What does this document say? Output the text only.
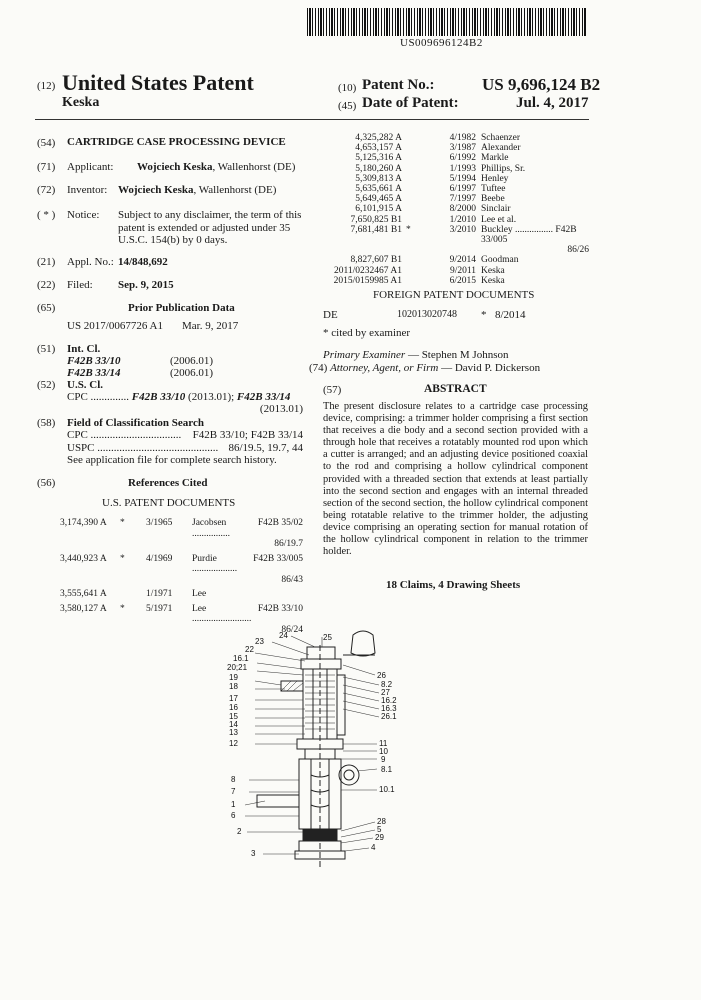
US009696124B2
(12) United States Patent
Keska
(10) Patent No.:	US 9,696,124 B2
(45) Date of Patent:	Jul. 4, 2017
(54) CARTRIDGE CASE PROCESSING DEVICE
(71) Applicant: Wojciech Keska, Wallenhorst (DE)
(72) Inventor: Wojciech Keska, Wallenhorst (DE)
( * ) Notice: Subject to any disclaimer, the term of this
patent is extended or adjusted under 35
U.S.C. 154(b) by 0 days.
(21) Appl. No.: 14/848,692
(22) Filed: Sep. 9, 2015
(65)	Prior Publication Data
US 2017/0067726 A1 Mar. 9, 2017
(51) Int. Cl.
F42B 33/10	(2006.01)
F42B 33/14	(2006.01)
(52) U.S. Cl.
CPC .............. F42B 33/10 (2013.01); F42B 33/14
(2013.01)
(58) Field of Classification Search
CPC ................................. F42B 33/10; F42B 33/14
USPC ............................................ 86/19.5, 19.7, 44
See application file for complete search history.
(56)	References Cited
U.S. PATENT DOCUMENTS
3,174,390 A	*	3/1965	Jacobsen ................
F42B 35/02
86/19.7
3,440,923 A	*	4/1969	Purdie ...................
F42B 33/005
86/43
3,555,641 A	1/1971	Lee
3,580,127 A	*	5/1971	Lee .........................
F42B 33/10
86/24
4,325,282 A	4/1982 Schaenzer
4,653,157 A	3/1987 Alexander
5,125,316 A	6/1992 Markle
5,180,260 A	1/1993 Phillips, Sr.
5,309,813 A	5/1994 Henley
5,635,661 A	6/1997 Tuftee
5,649,465 A	7/1997 Beebe
6,101,915 A	8/2000 Sinclair
7,650,825 B1	1/2010 Lee et al.
7,681,481 B1 *	3/2010 Buckley ................ F42B 33/005
86/26
8,827,607 B1	9/2014 Goodman
2011/0232467 A1	9/2011 Keska
2015/0159985 A1	6/2015 Keska
FOREIGN PATENT DOCUMENTS
DE	102013020748 * 8/2014
* cited by examiner
Primary Examiner — Stephen M Johnson
(74) Attorney, Agent, or Firm — David P. Dickerson
(57)	ABSTRACT
The present disclosure relates to a cartridge case processing device, comprising: a trimmer holder comprising a first section that receives a die body and a second section provided with a through hole that receives a rotatably mounted rod upon which a cutter is arranged; and an adjusting device positioned coaxial to the rod and comprising a hollow cylindrical component provided with a threaded section that extends at least partially into the second section and engages with an internal threaded section of the second section, the hollow cylindrical component being rotatable relative to the trimmer holder, the adjusting device comprising an operating section for manual rotation of the hollow cylindrical component in relation to the trimmer holder.
18 Claims, 4 Drawing Sheets
23
24	25
22
16.1
20;21
19
18
17
16
15
14
13
12
8
7
1
6
2
3
26
8.2
27
16.2
16.3
26.1
11
10
9
8.1
10.1
28
5
29
4
